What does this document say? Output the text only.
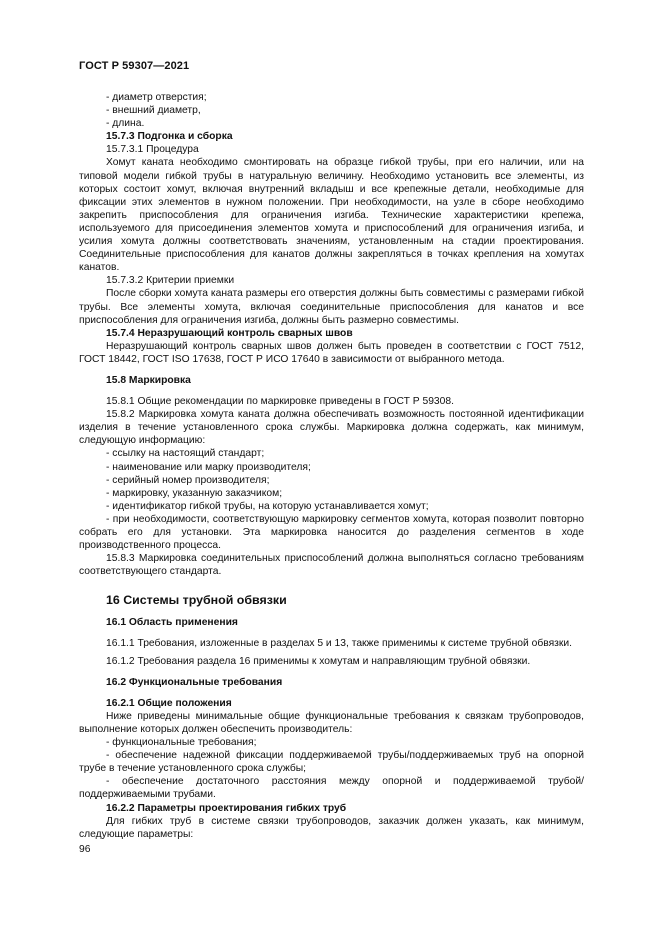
ГОСТ Р 59307—2021

- диаметр отверстия;

- внешний диаметр,

- длина.

15.7.3 Подгонка и сборка

15.7.3.1 Процедура

Хомут каната необходимо смонтировать на образце гибкой трубы, при его наличии, или на типовой модели гибкой трубы в натуральную величину. Необходимо установить все элементы, из которых состоит хомут, включая внутренний вкладыш и все крепежные детали, необходимые для фиксации этих элементов в нужном положении. При необходимости, на узле в сборе необходимо закрепить приспособления для ограничения изгиба. Технические характеристики крепежа, используемого для присоединения элементов хомута и приспособлений для ограничения изгиба, и усилия хомута должны соответствовать значениям, установленным на стадии проектирования. Соединительные приспособления для канатов должны закрепляться в точках крепления на хомутах канатов.

15.7.3.2 Критерии приемки

После сборки хомута каната размеры его отверстия должны быть совместимы с размерами гибкой трубы. Все элементы хомута, включая соединительные приспособления для канатов и все приспособления для ограничения изгиба, должны быть размерно совместимы.

15.7.4 Неразрушающий контроль сварных швов

Неразрушающий контроль сварных швов должен быть проведен в соответствии с ГОСТ 7512, ГОСТ 18442, ГОСТ ISO 17638, ГОСТ Р ИСО 17640 в зависимости от выбранного метода.

15.8 Маркировка

15.8.1 Общие рекомендации по маркировке приведены в ГОСТ Р 59308.

15.8.2 Маркировка хомута каната должна обеспечивать возможность постоянной идентификации изделия в течение установленного срока службы. Маркировка должна содержать, как минимум, следующую информацию:

- ссылку на настоящий стандарт;

- наименование или марку производителя;

- серийный номер производителя;

- маркировку, указанную заказчиком;

- идентификатор гибкой трубы, на которую устанавливается хомут;

- при необходимости, соответствующую маркировку сегментов хомута, которая позволит повторно собрать его для установки. Эта маркировка наносится до разделения сегментов в ходе производственного процесса.

15.8.3 Маркировка соединительных приспособлений должна выполняться согласно требованиям соответствующего стандарта.

16 Системы трубной обвязки

16.1 Область применения

16.1.1 Требования, изложенные в разделах 5 и 13, также применимы к системе трубной обвязки.

16.1.2 Требования раздела 16 применимы к хомутам и направляющим трубной обвязки.

16.2 Функциональные требования

16.2.1 Общие положения

Ниже приведены минимальные общие функциональные требования к связкам трубопроводов, выполнение которых должен обеспечить производитель:

- функциональные требования;

- обеспечение надежной фиксации поддерживаемой трубы/поддерживаемых труб на опорной трубе в течение установленного срока службы;

- обеспечение достаточного расстояния между опорной и поддерживаемой трубой/поддерживаемыми трубами.

16.2.2 Параметры проектирования гибких труб

Для гибких труб в системе связки трубопроводов, заказчик должен указать, как минимум, следующие параметры:

96
